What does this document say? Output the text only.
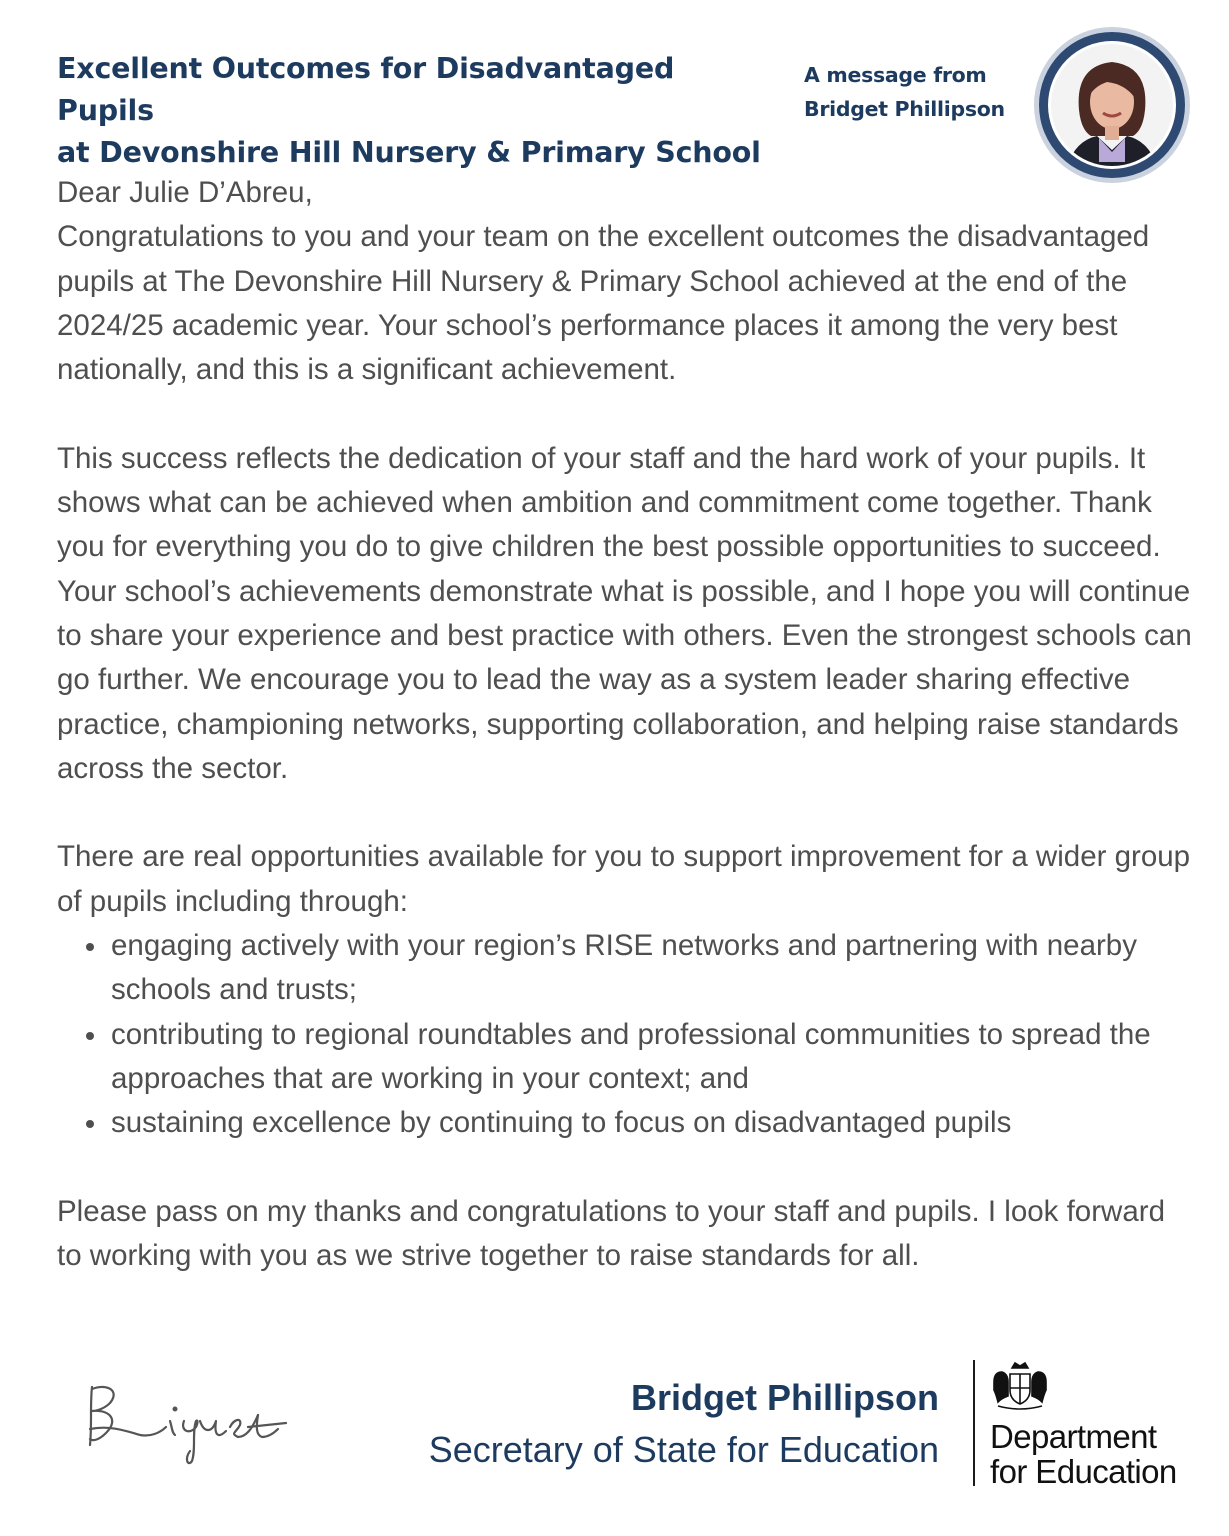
Excellent Outcomes for Disadvantaged Pupils
at Devonshire Hill Nursery & Primary School
A message from
Bridget Phillipson

Dear Julie D’Abreu,

Congratulations to you and your team on the excellent outcomes the disadvantaged pupils at The Devonshire Hill Nursery & Primary School achieved at the end of the 2024/25 academic year. Your school’s performance places it among the very best nationally, and this is a significant achievement.

This success reflects the dedication of your staff and the hard work of your pupils. It shows what can be achieved when ambition and commitment come together. Thank you for everything you do to give children the best possible opportunities to succeed. Your school’s achievements demonstrate what is possible, and I hope you will continue to share your experience and best practice with others. Even the strongest schools can go further. We encourage you to lead the way as a system leader sharing effective practice, championing networks, supporting collaboration, and helping raise standards across the sector.

There are real opportunities available for you to support improvement for a wider group of pupils including through:

engaging actively with your region’s RISE networks and partnering with nearby schools and trusts;
contributing to regional roundtables and professional communities to spread the approaches that are working in your context; and
sustaining excellence by continuing to focus on disadvantaged pupils

Please pass on my thanks and congratulations to your staff and pupils. I look forward to working with you as we strive together to raise standards for all.

Bridget Phillipson
Secretary of State for Education Department
for Education
